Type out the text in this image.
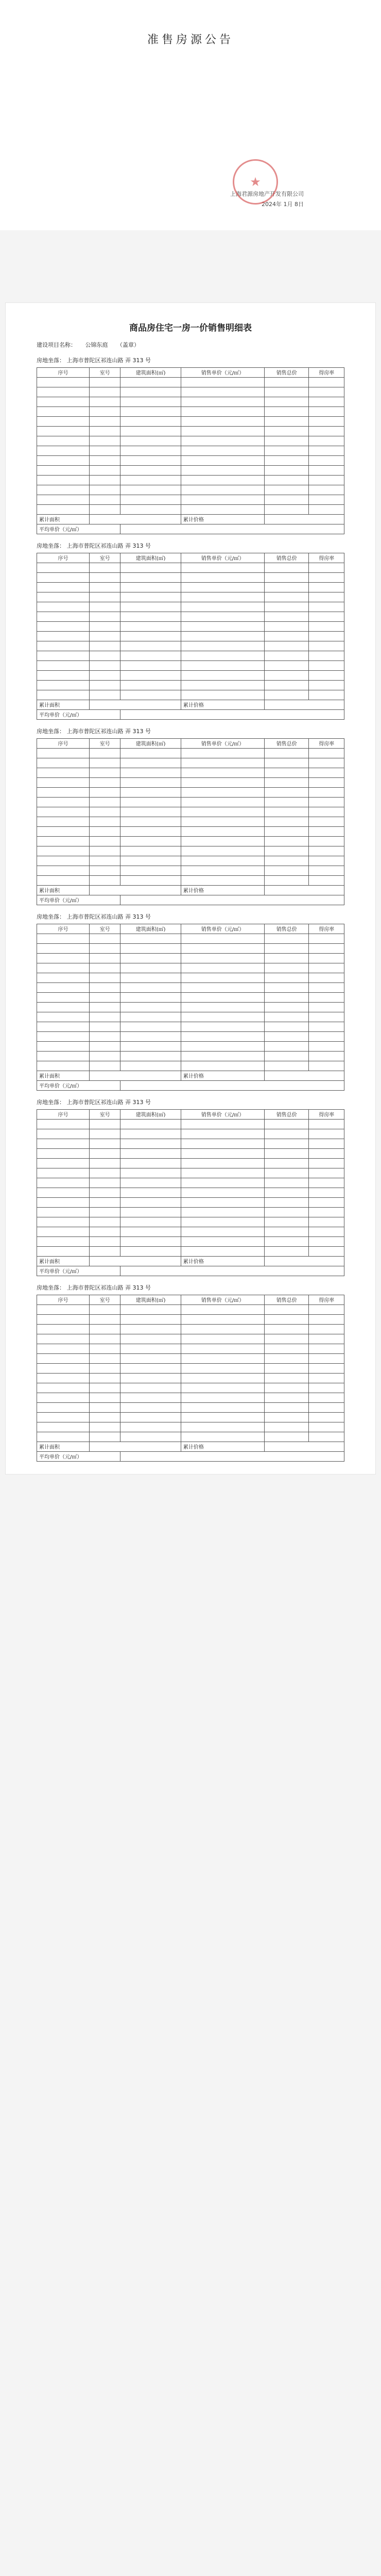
准售房源公告
上海君源房地产开发有限公司
2024年 1月 8日
★
商品房住宅一房一价销售明细表
建设项目名称： 公锦东庭 （盖章）
房地坐落： 上海市普陀区祁连山路 弄 313 号
序号	室号	建筑面积(㎡)	销售单价（元/㎡）	销售总价	得房率

累计面积			累计价格		
平均单价（元/㎡）					
房地坐落： 上海市普陀区祁连山路 弄 313 号
序号	室号	建筑面积(㎡)	销售单价（元/㎡）	销售总价	得房率

累计面积			累计价格		
平均单价（元/㎡）					
房地坐落： 上海市普陀区祁连山路 弄 313 号
序号	室号	建筑面积(㎡)	销售单价（元/㎡）	销售总价	得房率

累计面积			累计价格		
平均单价（元/㎡）					
房地坐落： 上海市普陀区祁连山路 弄 313 号
序号	室号	建筑面积(㎡)	销售单价（元/㎡）	销售总价	得房率

累计面积			累计价格		
平均单价（元/㎡）					
房地坐落： 上海市普陀区祁连山路 弄 313 号
序号	室号	建筑面积(㎡)	销售单价（元/㎡）	销售总价	得房率

累计面积			累计价格		
平均单价（元/㎡）					
房地坐落： 上海市普陀区祁连山路 弄 313 号
序号	室号	建筑面积(㎡)	销售单价（元/㎡）	销售总价	得房率

累计面积			累计价格		
平均单价（元/㎡）					
